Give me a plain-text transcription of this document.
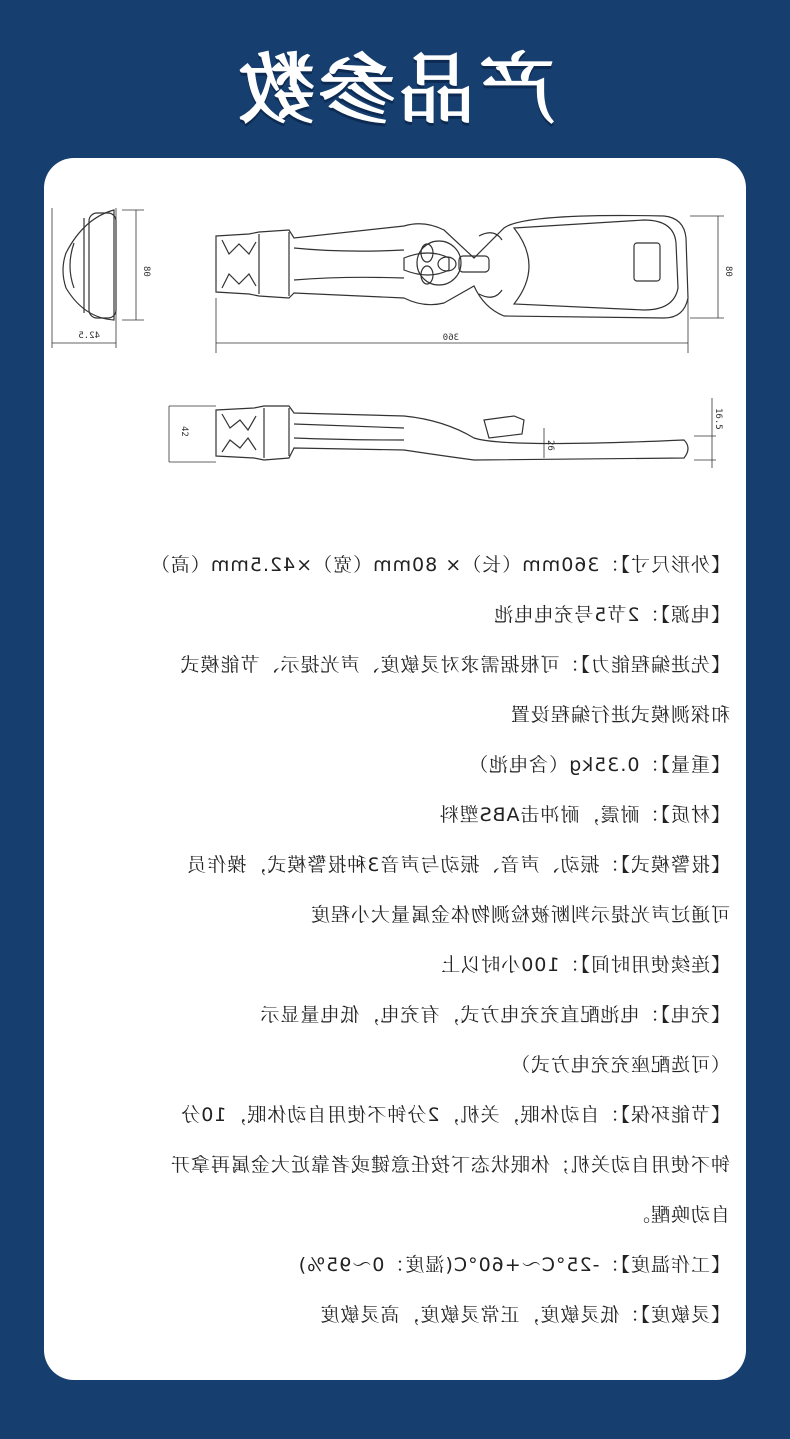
产品参数
80
42.5	360
80
42
16.5
26
【外形尺寸】：360mm（长）× 80mm（宽）×42.5mm（高）
【电源】：2节5号充电电池
【先进编程能力】：可根据需求对灵敏度、声光提示、节能模式
和探测模式进行编程设置
【重量】：0.35kg（含电池）
【材质】：耐震，耐冲击ABS塑料
【报警模式】：振动、声音、振动与声音3种报警模式，操作员
可通过声光提示判断被检测物体金属量大小程度
【连续使用时间】：100小时以上
【充电】：电池配直充充电方式，有充电，低电量显示
（可选配座充充电方式）
【节能环保】：自动休眠，关机，2分钟不使用自动休眠，10分
钟不使用自动关机；休眠状态下按任意键或者靠近大金属再拿开
自动唤醒。
【工作温度】：-25°C～+60°C(湿度：0～95%)
【灵敏度】：低灵敏度，正常灵敏度，高灵敏度
